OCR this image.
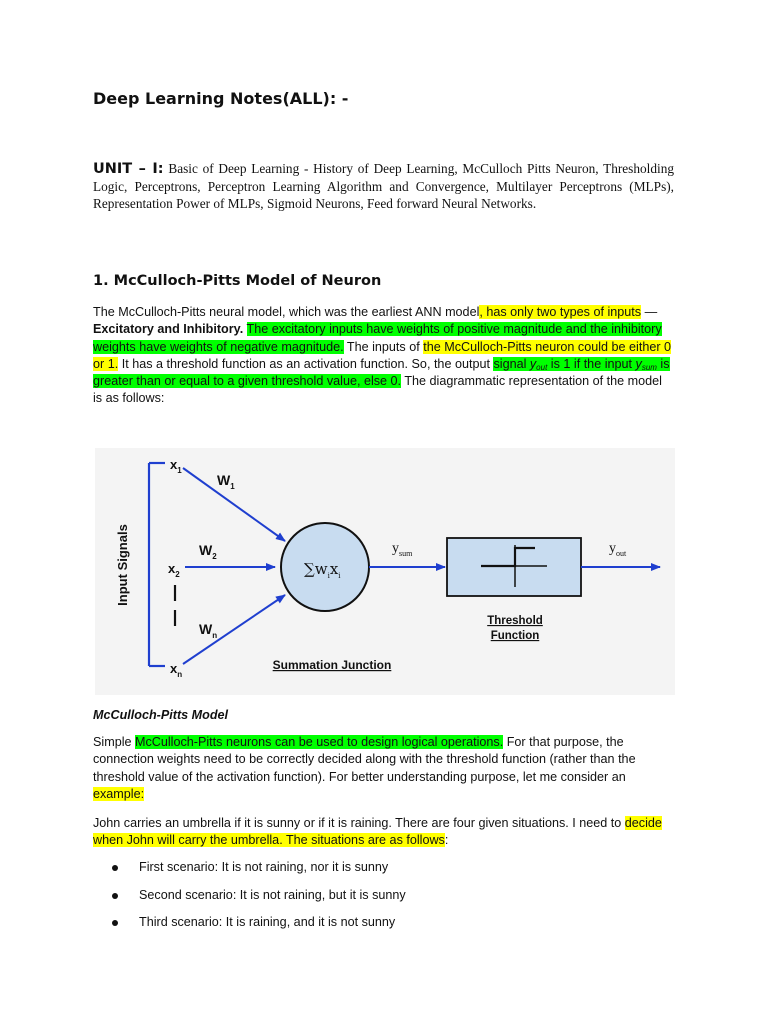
Deep Learning Notes(ALL): -
UNIT – I: Basic of Deep Learning - History of Deep Learning, McCulloch Pitts Neuron, Thresholding Logic, Perceptrons, Perceptron Learning Algorithm and Convergence, Multilayer Perceptrons (MLPs), Representation Power of MLPs, Sigmoid Neurons, Feed forward Neural Networks.
1. McCulloch-Pitts Model of Neuron
The McCulloch-Pitts neural model, which was the earliest ANN model, has only two types of inputs — Excitatory and Inhibitory. The excitatory inputs have weights of positive magnitude and the inhibitory weights have weights of negative magnitude. The inputs of the McCulloch-Pitts neuron could be either 0 or 1. It has a threshold function as an activation function. So, the output signal $y_{out}$ is 1 if the input $y_{sum}$ is greater than or equal to a given threshold value, else 0. The diagrammatic representation of the model is as follows:
Input Signals
$x_1$
$x_2$
$x_n$
$W_1$
$W_2$
$W_n$
$\sum w_ix_i$
$y_{sum}$	$y_{out}$
Threshold
Function
Summation Junction
McCulloch-Pitts Model
Simple McCulloch-Pitts neurons can be used to design logical operations. For that purpose, the connection weights need to be correctly decided along with the threshold function (rather than the threshold value of the activation function). For better understanding purpose, let me consider an example:
John carries an umbrella if it is sunny or if it is raining. There are four given situations. I need to decide when John will carry the umbrella. The situations are as follows:
First scenario: It is not raining, nor it is sunny
Second scenario: It is not raining, but it is sunny
Third scenario: It is raining, and it is not sunny
